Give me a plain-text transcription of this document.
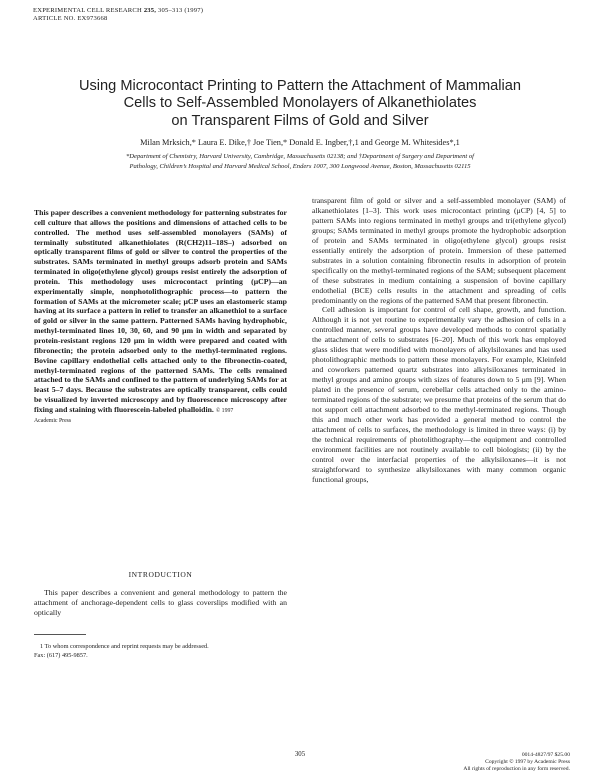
EXPERIMENTAL CELL RESEARCH 235, 305–313 (1997)
ARTICLE NO. EX973668
Using Microcontact Printing to Pattern the Attachment of Mammalian
Cells to Self-Assembled Monolayers of Alkanethiolates
on Transparent Films of Gold and Silver
Milan Mrksich,* Laura E. Dike,† Joe Tien,* Donald E. Ingber,†,1 and George M. Whitesides*,1
*Department of Chemistry, Harvard University, Cambridge, Massachusetts 02138; and †Department of Surgery and Department of
Pathology, Children’s Hospital and Harvard Medical School, Enders 1007, 300 Longwood Avenue, Boston, Massachusetts 02115
This paper describes a convenient methodology for patterning substrates for cell culture that allows the positions and dimensions of attached cells to be controlled. The method uses self-assembled monolayers (SAMs) of terminally substituted alkanethiolates (R(CH2)11–18S–) adsorbed on optically transparent films of gold or silver to control the properties of the substrates. SAMs terminated in methyl groups adsorb protein and SAMs terminated in oligo(ethylene glycol) groups resist entirely the adsorption of protein. This methodology uses microcontact printing (μCP)—an experimentally simple, nonphotolithographic process—to pattern the formation of SAMs at the micrometer scale; μCP uses an elastomeric stamp having at its surface a pattern in relief to transfer an alkanethiol to a surface of gold or silver in the same pattern. Patterned SAMs having hydrophobic, methyl-terminated lines 10, 30, 60, and 90 μm in width and separated by protein-resistant regions 120 μm in width were prepared and coated with fibronectin; the protein adsorbed only to the methyl-terminated regions. Bovine capillary endothelial cells attached only to the fibronectin-coated, methyl-terminated regions of the patterned SAMs. The cells remained attached to the SAMs and confined to the pattern of underlying SAMs for at least 5–7 days. Because the substrates are optically transparent, cells could be visualized by inverted microscopy and by fluorescence microscopy after fixing and staining with fluorescein-labeled phalloidin. © 1997
Academic Press
INTRODUCTION

This paper describes a convenient and general methodology to pattern the attachment of anchorage-dependent cells to glass coverslips modified with an optically

1 To whom correspondence and reprint requests may be addressed.
Fax: (617) 495-9857.

transparent film of gold or silver and a self-assembled monolayer (SAM) of alkanethiolates [1–3]. This work uses microcontact printing (μCP) [4, 5] to pattern SAMs into regions terminated in methyl groups and tri(ethylene glycol) groups; SAMs terminated in methyl groups promote the hydrophobic adsorption of protein and SAMs terminated in oligo(ethylene glycol) groups resist essentially entirely the adsorption of protein. Immersion of these patterned substrates in a solution containing fibronectin results in adsorption of protein specifically on the methyl-terminated regions of the SAM; subsequent placement of these substrates in medium containing a suspension of bovine capillary endothelial (BCE) cells results in the attachment and spreading of cells predominantly on the regions of the patterned SAM that present fibronectin.

Cell adhesion is important for control of cell shape, growth, and function. Although it is not yet routine to experimentally vary the adhesion of cells in a controlled manner, several groups have developed methods to control spatially the attachment of cells to substrates [6–20]. Much of this work has employed glass slides that were modified with monolayers of alkylsiloxanes and has used photolithographic methods to pattern these monolayers. For example, Kleinfeld and coworkers patterned quartz substrates into alkylsiloxanes terminated in methyl groups and amino groups with sizes of features down to 5 μm [9]. When plated in the presence of serum, cerebellar cells attached only to the amino-terminated regions of the substrate; we presume that proteins of the serum that do not support cell attachment adsorbed to the methyl-terminated regions. Though this and much other work has provided a general method to control the attachment of cells to surfaces, the methodology is limited in three ways: (i) by the technical requirements of photolithography—the equipment and controlled environment facilities are not routinely available to cell biologists; (ii) by the control over the interfacial properties of the alkylsiloxanes—it is not straightforward to synthesize alkylsiloxanes with many common organic functional groups,

305	0014-4827/97 $25.00
Copyright © 1997 by Academic Press
All rights of reproduction in any form reserved.
